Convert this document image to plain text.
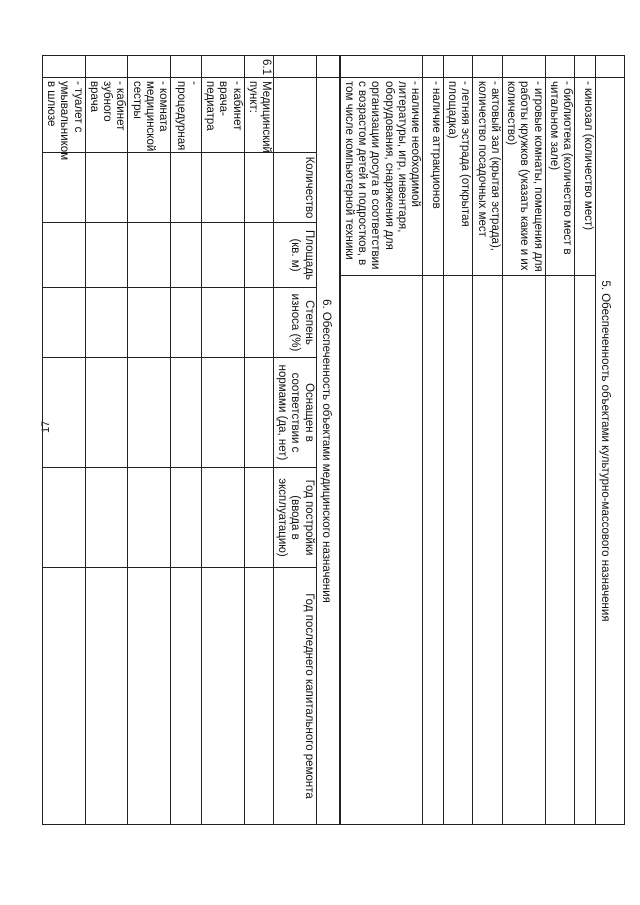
17
		5. Обеспеченность объектами культурно-массового назначения	
	- кинозал (количество мест)	
	- библиотека (количество мест в читальном зале)	
	- игровые комнаты, помещения для работы кружков (указать какие и их количество)	
	- актовый зал (крытая эстрада), количество посадочных мест	
	- летняя эстрада (открытая площадка)	
	- наличие аттракционов	
	- наличие необходимой литературы, игр, инвентаря, оборудования, снаряжения для организации досуга в соответствии с возрастом детей и подростков, в том числе компьютерной техники	
	6. Обеспеченность объектами медицинского назначения						
		Количество	Площадь (кв. м)	Степень износа (%)	Оснащен в соответствии с нормами (да, нет)	Год постройки (ввода в эксплуатацию)	Год последнего капитального ремонта
6.1	Медицинский пункт:						
	- кабинет врача-педиатра						
	- процедурная						
	- комната медицинской сестры						
	- кабинет зубного врача						
	- туалет с умывальником в шлюзе						
